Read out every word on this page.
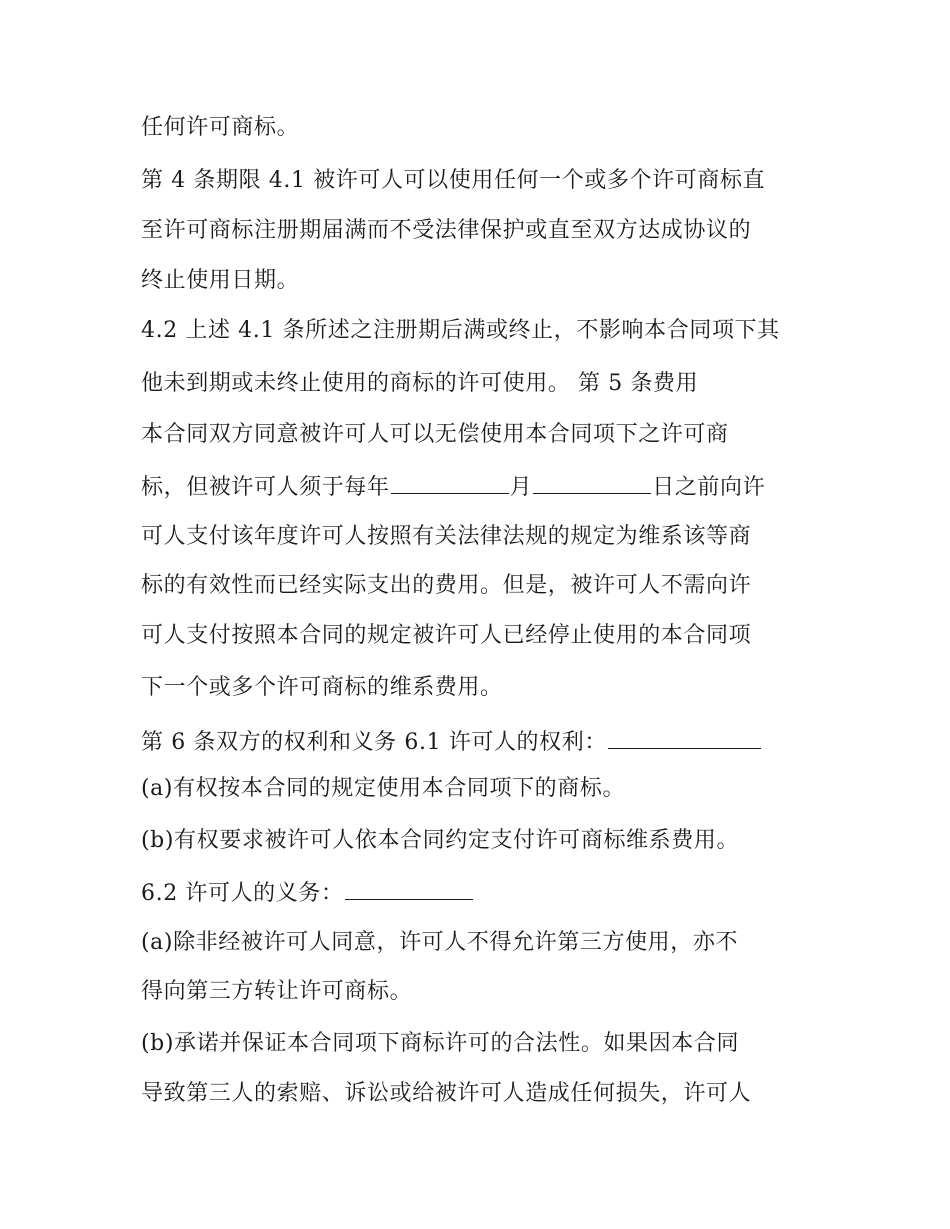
任何许可商标。
第 4 条期限 4.1 被许可人可以使用任何一个或多个许可商标直
至许可商标注册期届满而不受法律保护或直至双方达成协议的
终止使用日期。
4.2 上述 4.1 条所述之注册期后满或终止，不影响本合同项下其
他未到期或未终止使用的商标的许可使用。 第 5 条费用
本合同双方同意被许可人可以无偿使用本合同项下之许可商
标，但被许可人须于每年	月	日之前向许
可人支付该年度许可人按照有关法律法规的规定为维系该等商
标的有效性而已经实际支出的费用。但是，被许可人不需向许
可人支付按照本合同的规定被许可人已经停止使用的本合同项
下一个或多个许可商标的维系费用。
第 6 条双方的权利和义务 6.1 许可人的权利：
(a)有权按本合同的规定使用本合同项下的商标。
(b)有权要求被许可人依本合同约定支付许可商标维系费用。
6.2 许可人的义务：
(a)除非经被许可人同意，许可人不得允许第三方使用，亦不
得向第三方转让许可商标。
(b)承诺并保证本合同项下商标许可的合法性。如果因本合同
导致第三人的索赔、诉讼或给被许可人造成任何损失，许可人
